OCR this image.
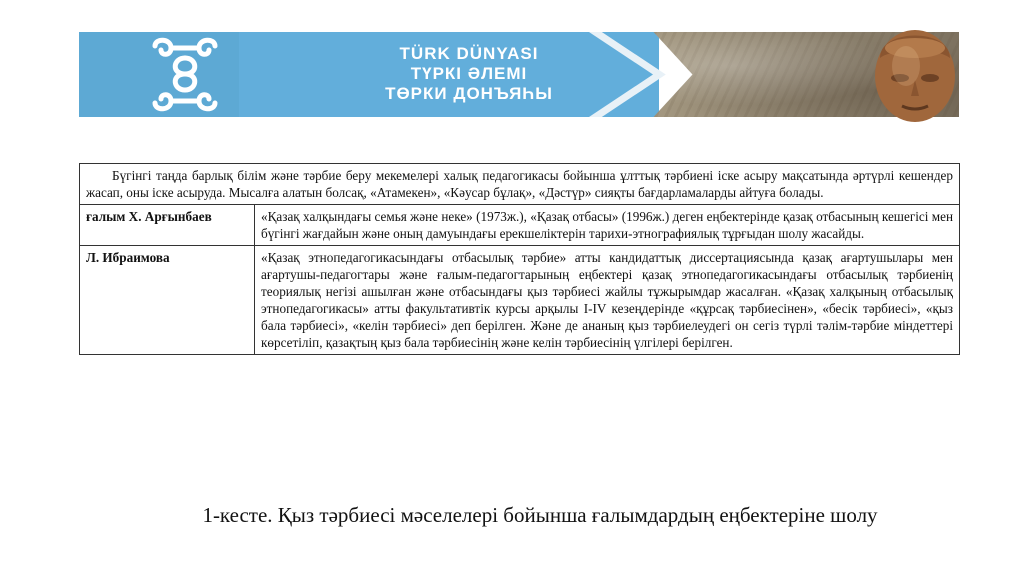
TÜRK DÜNYASI
ТҮРКІ ӘЛЕМІ
ТӨРКИ ДОНЪЯҺЫ
Бүгінгі таңда барлық білім және тәрбие беру мекемелері халық педагогикасы бойынша ұлттық тәрбиені іске асыру мақсатында әртүрлі кешендер жасап, оны іске асыруда. Мысалға алатын болсақ, «Атамекен», «Кәусар бұлақ», «Дәстүр» сияқты бағдарламаларды айтуға болады.	
ғалым Х. Арғынбаев	«Қазақ халқындағы семья және неке» (1973ж.), «Қазақ отбасы» (1996ж.) деген еңбектерінде қазақ отбасының кешегісі мен бүгінгі жағдайын және оның дамуындағы ерекшеліктерін тарихи-этнографиялық тұрғыдан шолу жасайды.
Л. Ибраимова	«Қазақ этнопедагогикасындағы отбасылық тәрбие» атты кандидаттық диссертациясында қазақ ағартушылары мен ағартушы-педагогтары және ғалым-педагогтарының еңбектері қазақ этнопедагогикасындағы отбасылық тәрбиенің теориялық негізі ашылған және отбасындағы қыз тәрбиесі жайлы тұжырымдар жасалған. «Қазақ халқының отбасылық этнопедагогикасы» атты факультативтік курсы арқылы I-IV кезеңдерінде «құрсақ тәрбиесінен», «бесік тәрбиесі», «қыз бала тәрбиесі», «келін тәрбиесі» деп берілген. Және де ананың қыз тәрбиелеудегі он сегіз түрлі тәлім-тәрбие міндеттері көрсетіліп, қазақтың қыз бала тәрбиесінің және келін тәрбиесінің үлгілері берілген.
1-кесте. Қыз тәрбиесі мәселелері бойынша ғалымдардың еңбектеріне шолу
